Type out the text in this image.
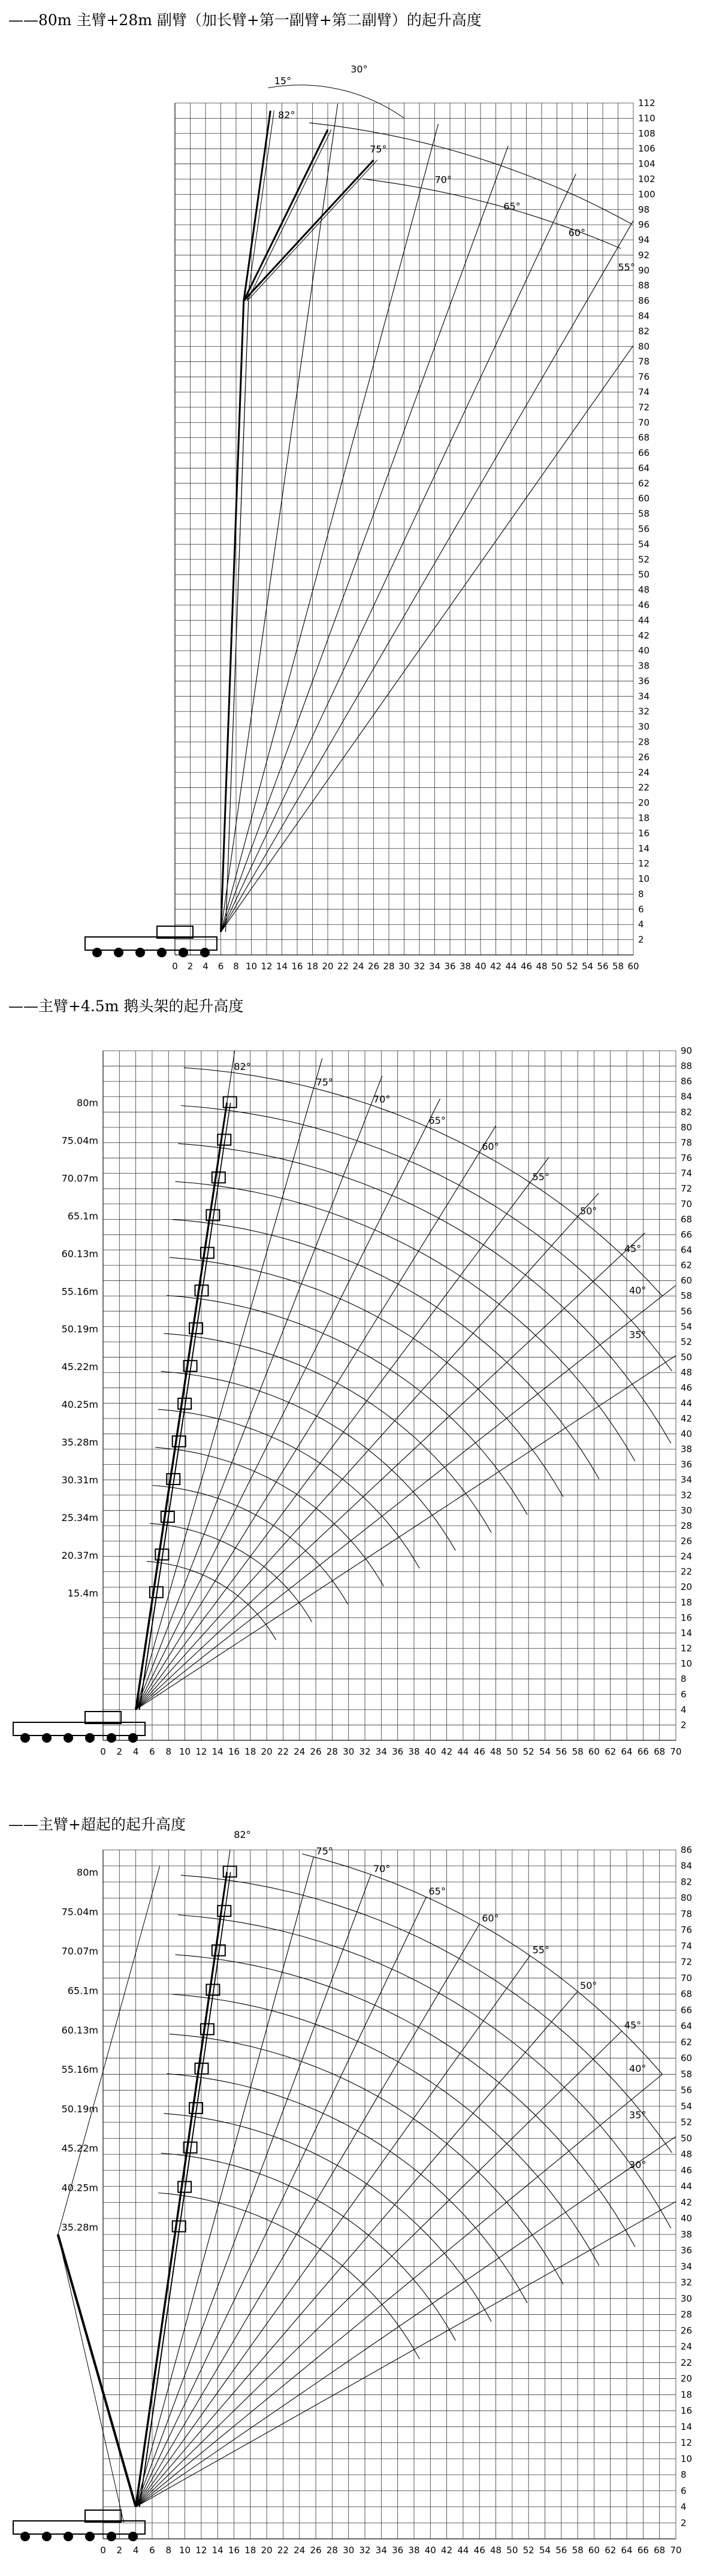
——80m 主臂+28m 副臂（加长臂+第一副臂+第二副臂）的起升高度
0 2 4 6 8 10 12 14 16 18 20 22 24 26 28 30 32 34 36 38 40 42 44 46 48 50 52 54 56 58 60
2
4
6
8
10
12
14
16
18
20
22
24
26
28
30
32
34
36
38
40
42
44
46
48
50
52
54
56
58
60
62
64
66
68
70
72
74
76
78
80
82
84
86
88
90
92
94
96
98
100
102
104
106
108
110
112
15°
30°
82°
75°
70°
65°
60°
55°
——主臂+4.5m 鹅头架的起升高度
0 2 4 6 8 10 12 14 16 18 20 22 24 26 28 30 32 34 36 38 40 42 44 46 48 50 52 54 56 58 60 62 64 66 68 70
2
4
6
8
10
12
14
16
18
20
22
24
26
28
30
32
34
36
38
40
42
44
46
48
50
52
54
56
58
60
62
64
66
68
70
72
74
76
78
80
82
84
86
88
90
82°
75°
70°
65°
60°
55°
50°
45°
40°
35°
80m
75.04m
70.07m
65.1m
60.13m
55.16m
50.19m
45.22m
40.25m
35.28m
30.31m
25.34m
20.37m
15.4m
——主臂+超起的起升高度
0 2 4 6 8 10 12 14 16 18 20 22 24 26 28 30 32 34 36 38 40 42 44 46 48 50 52 54 56 58 60 62 64 66 68 70
2
4
6
8
10
12
14
16
18
20
22
24
26
28
30
32
34
36
38
40
42
44
46
48
50
52
54
56
58
60
62
64
66
68
70
72
74
76
78
80
82
84
86
82°
75°
70°
65°
60°
55°
50°
45°
40°
35°
30°
80m
75.04m
70.07m
65.1m
60.13m
55.16m
50.19m
45.22m
40.25m
35.28m
